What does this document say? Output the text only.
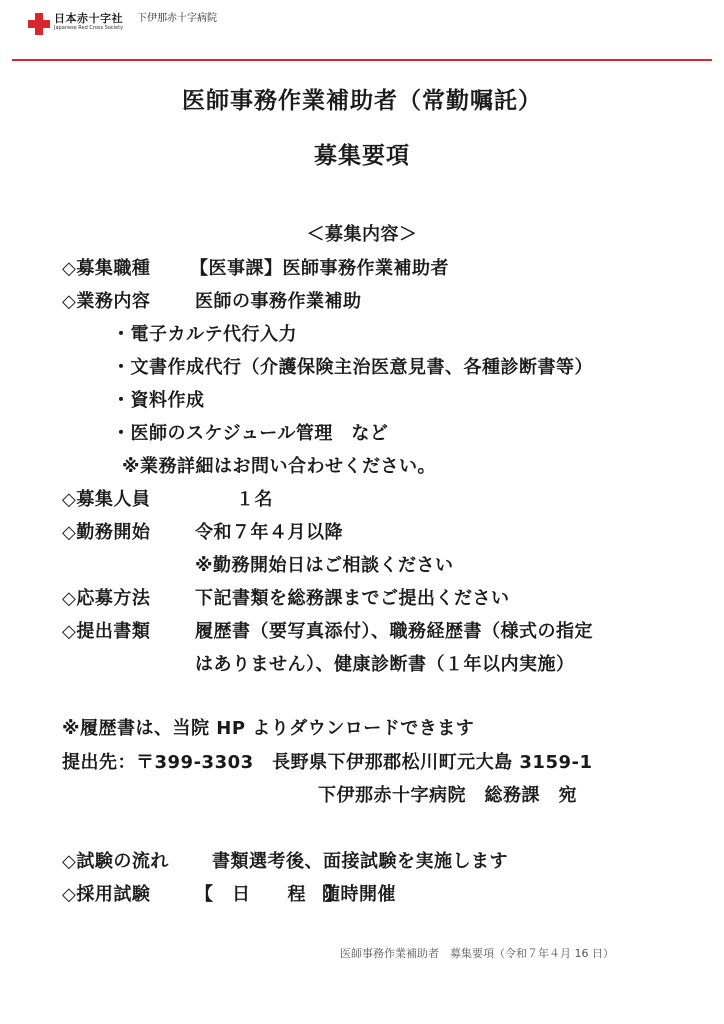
日本赤十字社
Japanese Red Cross Society
下伊那赤十字病院
医師事務作業補助者（常勤嘱託）
募集要項
＜募集内容＞
◇募集職種 【医事課】医師事務作業補助者
◇業務内容 医師の事務作業補助
・電子カルテ代行入力
・文書作成代行（介護保険主治医意見書、各種診断書等）
・資料作成
・医師のスケジュール管理　など
※業務詳細はお問い合わせください。
◇募集人員	１名
◇勤務開始 令和７年４月以降
※勤務開始日はご相談ください
◇応募方法 下記書類を総務課までご提出ください
◇提出書類 履歴書（要写真添付）、職務経歴書（様式の指定
はありません）、健康診断書（１年以内実施）
※履歴書は、当院 HP よりダウンロードできます
提出先：〒399-3303　長野県下伊那郡松川町元大島 3159-1
下伊那赤十字病院　総務課　宛
◇試験の流れ 書類選考後、面接試験を実施します
◇採用試験 【　日　　程　】
随時開催
医師事務作業補助者　募集要項（令和７年４月 16 日）
